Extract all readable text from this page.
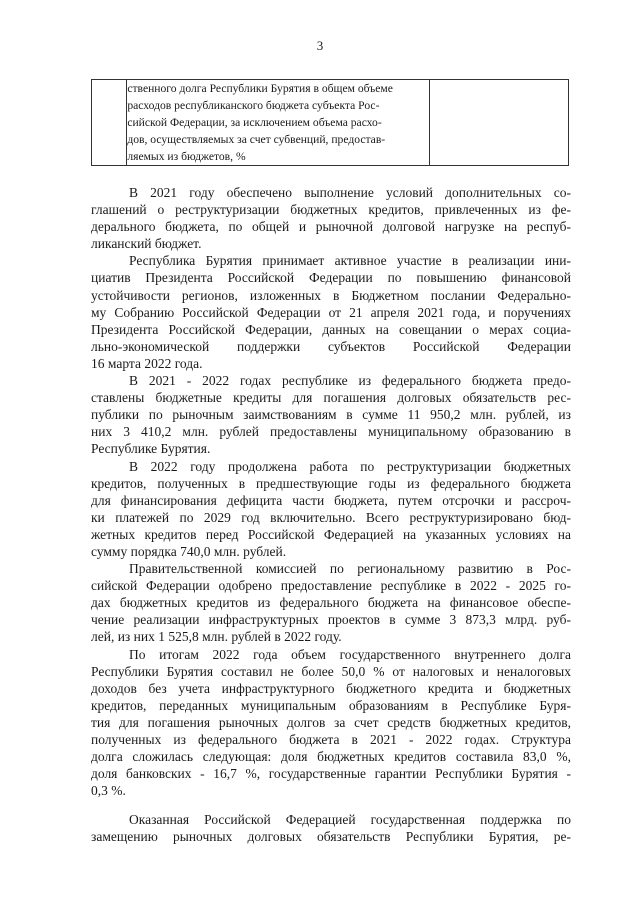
3

ственного долга Республики Бурятия в общем объеме
расходов республиканского бюджета субъекта Рос-
сийской Федерации, за исключением объема расхо-
дов, осуществляемых за счет субвенций, предостав-
ляемых из бюджетов, %

В 2021 году обеспечено выполнение условий дополнительных со-
глашений о реструктуризации бюджетных кредитов, привлеченных из фе-
дерального бюджета, по общей и рыночной долговой нагрузке на респуб-
ликанский бюджет.
Республика Бурятия принимает активное участие в реализации ини-
циатив Президента Российской Федерации по повышению финансовой
устойчивости регионов, изложенных в Бюджетном послании Федерально-
му Собранию Российской Федерации от 21 апреля 2021 года, и поручениях
Президента Российской Федерации, данных на совещании о мерах социа-
льно-экономической поддержки субъектов Российской Федерации
16 марта 2022 года.
В 2021 - 2022 годах республике из федерального бюджета предо-
ставлены бюджетные кредиты для погашения долговых обязательств рес-
публики по рыночным заимствованиям в сумме 11 950,2 млн. рублей, из
них 3 410,2 млн. рублей предоставлены муниципальному образованию в
Республике Бурятия.
В 2022 году продолжена работа по реструктуризации бюджетных
кредитов, полученных в предшествующие годы из федерального бюджета
для финансирования дефицита части бюджета, путем отсрочки и рассроч-
ки платежей по 2029 год включительно. Всего реструктуризировано бюд-
жетных кредитов перед Российской Федерацией на указанных условиях на
сумму порядка 740,0 млн. рублей.
Правительственной комиссией по региональному развитию в Рос-
сийской Федерации одобрено предоставление республике в 2022 - 2025 го-
дах бюджетных кредитов из федерального бюджета на финансовое обеспе-
чение реализации инфраструктурных проектов в сумме 3 873,3 млрд. руб-
лей, из них 1 525,8 млн. рублей в 2022 году.
По итогам 2022 года объем государственного внутреннего долга
Республики Бурятия составил не более 50,0 % от налоговых и неналоговых
доходов без учета инфраструктурного бюджетного кредита и бюджетных
кредитов, переданных муниципальным образованиям в Республике Буря-
тия для погашения рыночных долгов за счет средств бюджетных кредитов,
полученных из федерального бюджета в 2021 - 2022 годах. Структура
долга сложилась следующая: доля бюджетных кредитов составила 83,0 %,
доля банковских - 16,7 %, государственные гарантии Республики Бурятия -
0,3 %.
Оказанная Российской Федерацией государственная поддержка по
замещению рыночных долговых обязательств Республики Бурятия, ре-
